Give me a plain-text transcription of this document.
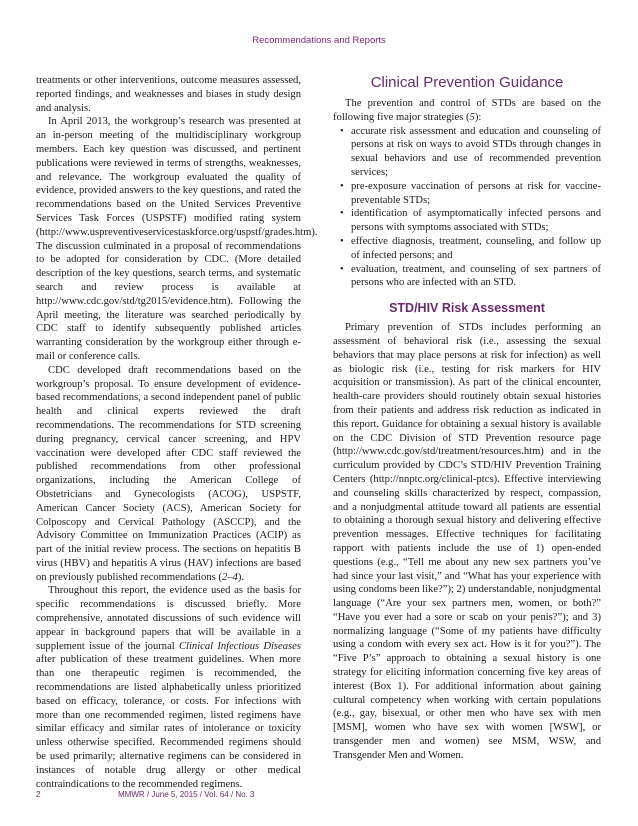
Recommendations and Reports

treatments or other interventions, outcome measures assessed, reported findings, and weaknesses and biases in study design and analysis.

In April 2013, the workgroup’s research was presented at an in-person meeting of the multidisciplinary workgroup members. Each key question was discussed, and pertinent publications were reviewed in terms of strengths, weaknesses, and relevance. The workgroup evaluated the quality of evidence, provided answers to the key questions, and rated the recommendations based on the United Services Preventive Services Task Forces (USPSTF) modified rating system (http://www.uspreventiveservicestaskforce.org/uspstf/grades.htm). The discussion culminated in a proposal of recommendations to be adopted for consideration by CDC. (More detailed description of the key questions, search terms, and systematic search and review process is available at http://www.cdc.gov/std/tg2015/evidence.htm). Following the April meeting, the literature was searched periodically by CDC staff to identify subsequently published articles warranting consideration by the workgroup either through e-mail or conference calls.

CDC developed draft recommendations based on the workgroup’s proposal. To ensure development of evidence-based recommendations, a second independent panel of public health and clinical experts reviewed the draft recommendations. The recommendations for STD screening during pregnancy, cervical cancer screening, and HPV vaccination were developed after CDC staff reviewed the published recommendations from other professional organizations, including the American College of Obstetricians and Gynecologists (ACOG), USPSTF, American Cancer Society (ACS), American Society for Colposcopy and Cervical Pathology (ASCCP), and the Advisory Committee on Immunization Practices (ACIP) as part of the initial review process. The sections on hepatitis B virus (HBV) and hepatitis A virus (HAV) infections are based on previously published recommendations (2–4).

Throughout this report, the evidence used as the basis for specific recommendations is discussed briefly. More comprehensive, annotated discussions of such evidence will appear in background papers that will be available in a supplement issue of the journal Clinical Infectious Diseases after publication of these treatment guidelines. When more than one therapeutic regimen is recommended, the recommendations are listed alphabetically unless prioritized based on efficacy, tolerance, or costs. For infections with more than one recommended regimen, listed regimens have similar efficacy and similar rates of intolerance or toxicity unless otherwise specified. Recommended regimens should be used primarily; alternative regimens can be considered in instances of notable drug allergy or other medical contraindications to the recommended regimens.

Clinical Prevention Guidance

The prevention and control of STDs are based on the following five major strategies (5):

• accurate risk assessment and education and counseling of persons at risk on ways to avoid STDs through changes in sexual behaviors and use of recommended prevention services;
• pre-exposure vaccination of persons at risk for vaccine-preventable STDs;
• identification of asymptomatically infected persons and persons with symptoms associated with STDs;
• effective diagnosis, treatment, counseling, and follow up of infected persons; and
• evaluation, treatment, and counseling of sex partners of persons who are infected with an STD.
STD/HIV Risk Assessment

Primary prevention of STDs includes performing an assessment of behavioral risk (i.e., assessing the sexual behaviors that may place persons at risk for infection) as well as biologic risk (i.e., testing for risk markers for HIV acquisition or transmission). As part of the clinical encounter, health-care providers should routinely obtain sexual histories from their patients and address risk reduction as indicated in this report. Guidance for obtaining a sexual history is available on the CDC Division of STD Prevention resource page (http://www.cdc.gov/std/treatment/resources.htm) and in the curriculum provided by CDC’s STD/HIV Prevention Training Centers (http://nnptc.org/clinical-ptcs). Effective interviewing and counseling skills characterized by respect, compassion, and a nonjudgmental attitude toward all patients are essential to obtaining a thorough sexual history and delivering effective prevention messages. Effective techniques for facilitating rapport with patients include the use of 1) open-ended questions (e.g., “Tell me about any new sex partners you’ve had since your last visit,” and “What has your experience with using condoms been like?”); 2) understandable, nonjudgmental language (“Are your sex partners men, women, or both?” “Have you ever had a sore or scab on your penis?”); and 3) normalizing language (“Some of my patients have difficulty using a condom with every sex act. How is it for you?”). The “Five P’s” approach to obtaining a sexual history is one strategy for eliciting information concerning five key areas of interest (Box 1). For additional information about gaining cultural competency when working with certain populations (e.g., gay, bisexual, or other men who have sex with men [MSM], women who have sex with women [WSW], or transgender men and women) see MSM, WSW, and Transgender Men and Women.

2	MMWR / June 5, 2015 / Vol. 64 / No. 3
